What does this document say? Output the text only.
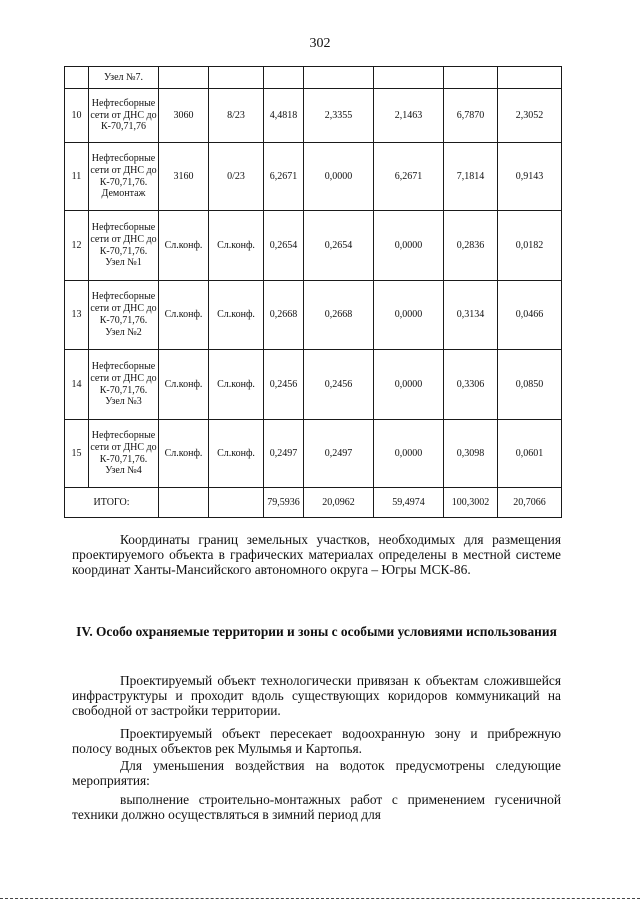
302
	Узел №7.							
10	Нефтесборные сети от ДНС до К-70,71,76	3060	8/23	4,4818	2,3355	2,1463	6,7870	2,3052
11	Нефтесборные сети от ДНС до К-70,71,76. Демонтаж	3160	0/23	6,2671	0,0000	6,2671	7,1814	0,9143
12	Нефтесборные сети от ДНС до К-70,71,76. Узел №1	Сл.конф.	Сл.конф.	0,2654	0,2654	0,0000	0,2836	0,0182
13	Нефтесборные сети от ДНС до К-70,71,76. Узел №2	Сл.конф.	Сл.конф.	0,2668	0,2668	0,0000	0,3134	0,0466
14	Нефтесборные сети от ДНС до К-70,71,76. Узел №3	Сл.конф.	Сл.конф.	0,2456	0,2456	0,0000	0,3306	0,0850
15	Нефтесборные сети от ДНС до К-70,71,76. Узел №4	Сл.конф.	Сл.конф.	0,2497	0,2497	0,0000	0,3098	0,0601
ИТОГО:				79,5936	20,0962	59,4974	100,3002	20,7066

Координаты границ земельных участков, необходимых для размещения проектируемого объекта в графических материалах определены в местной системе координат Ханты-Мансийского автономного округа – Югры МСК-86.

IV. Особо охраняемые территории и зоны с особыми условиями использования

Проектируемый объект технологически привязан к объектам сложившейся инфраструктуры и проходит вдоль существующих коридоров коммуникаций на свободной от застройки территории.

Проектируемый объект пересекает водоохранную зону и прибрежную полосу водных объектов рек Мулымья и Картопья.

Для уменьшения воздействия на водоток предусмотрены следующие мероприятия:

выполнение строительно-монтажных работ с применением гусеничной техники должно осуществляться в зимний период для
